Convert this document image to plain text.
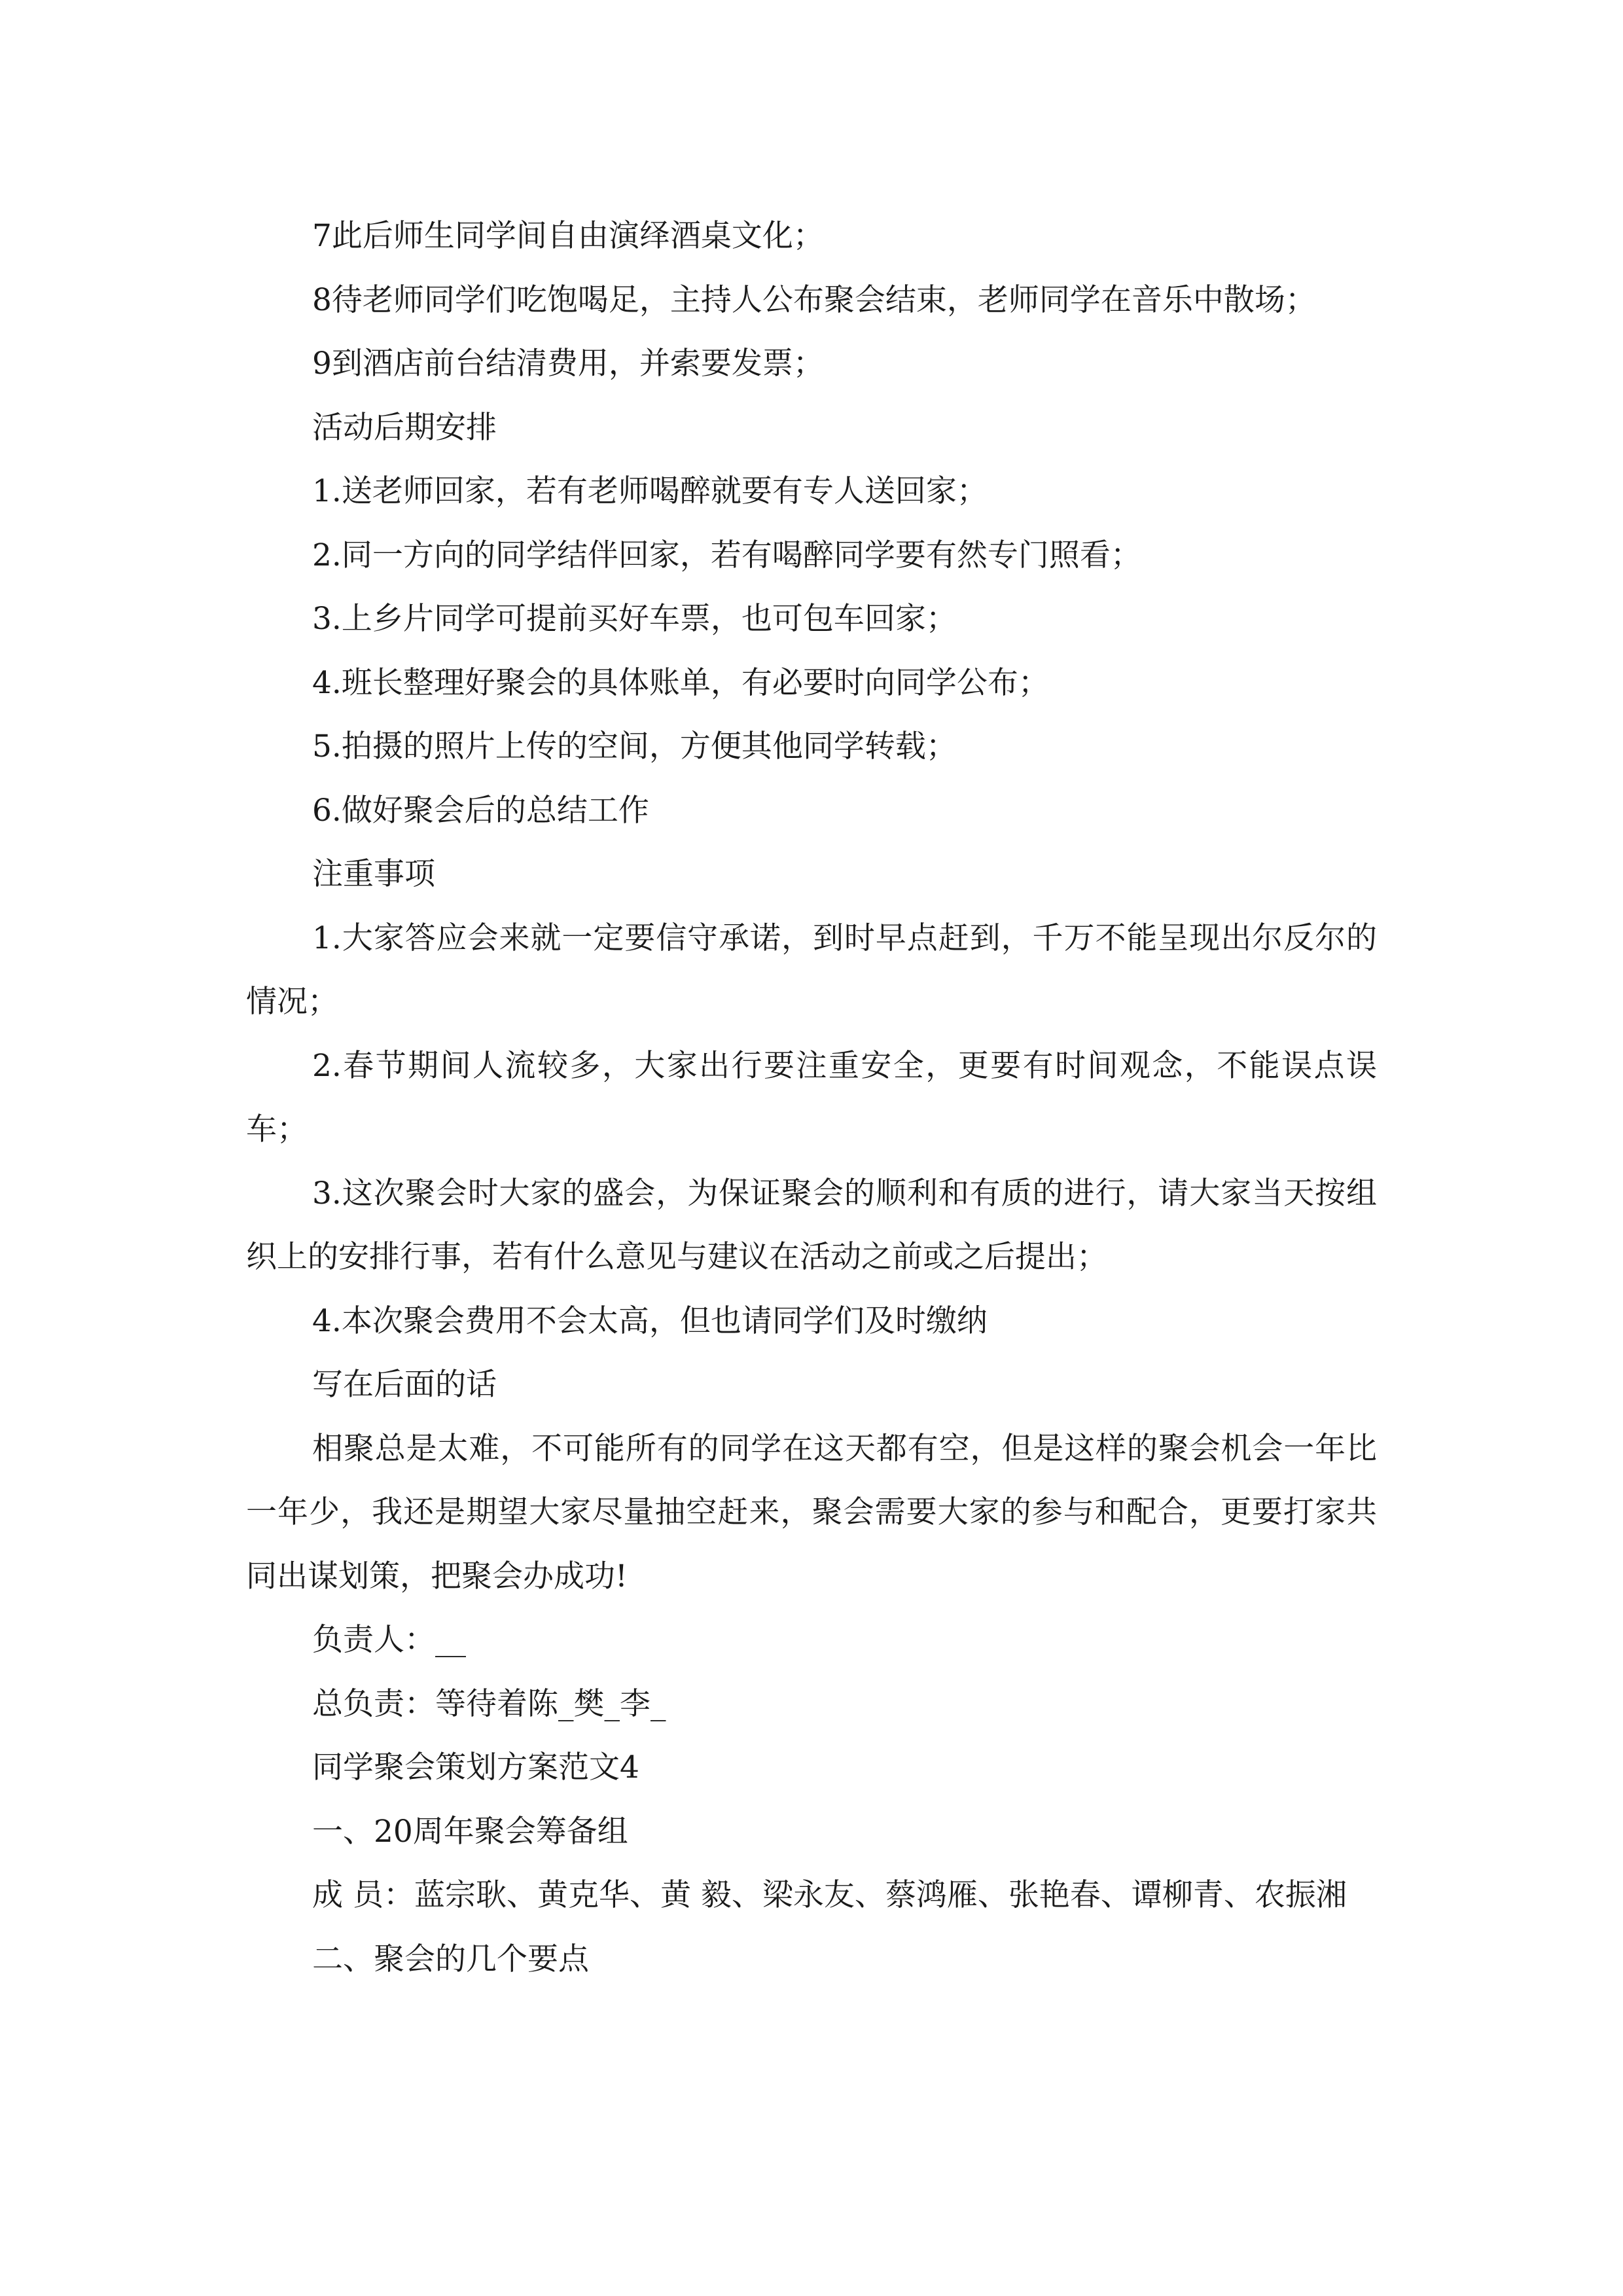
7此后师生同学间自由演绎酒桌文化；

8待老师同学们吃饱喝足，主持人公布聚会结束，老师同学在音乐中散场；

9到酒店前台结清费用，并索要发票；

活动后期安排

1.送老师回家，若有老师喝醉就要有专人送回家；

2.同一方向的同学结伴回家，若有喝醉同学要有然专门照看；

3.上乡片同学可提前买好车票，也可包车回家；

4.班长整理好聚会的具体账单，有必要时向同学公布；

5.拍摄的照片上传的空间，方便其他同学转载；

6.做好聚会后的总结工作

注重事项

1.大家答应会来就一定要信守承诺，到时早点赶到，千万不能呈现出尔反尔的情况；

2.春节期间人流较多，大家出行要注重安全，更要有时间观念，不能误点误车；

3.这次聚会时大家的盛会，为保证聚会的顺利和有质的进行，请大家当天按组织上的安排行事，若有什么意见与建议在活动之前或之后提出；

4.本次聚会费用不会太高，但也请同学们及时缴纳

写在后面的话

相聚总是太难，不可能所有的同学在这天都有空，但是这样的聚会机会一年比一年少，我还是期望大家尽量抽空赶来，聚会需要大家的参与和配合，更要打家共同出谋划策，把聚会办成功!

负责人：__

总负责：等待着陈_樊_李_

同学聚会策划方案范文4

一、20周年聚会筹备组

成 员：蓝宗耿、黄克华、黄 毅、梁永友、蔡鸿雁、张艳春、谭柳青、农振湘

二、聚会的几个要点
